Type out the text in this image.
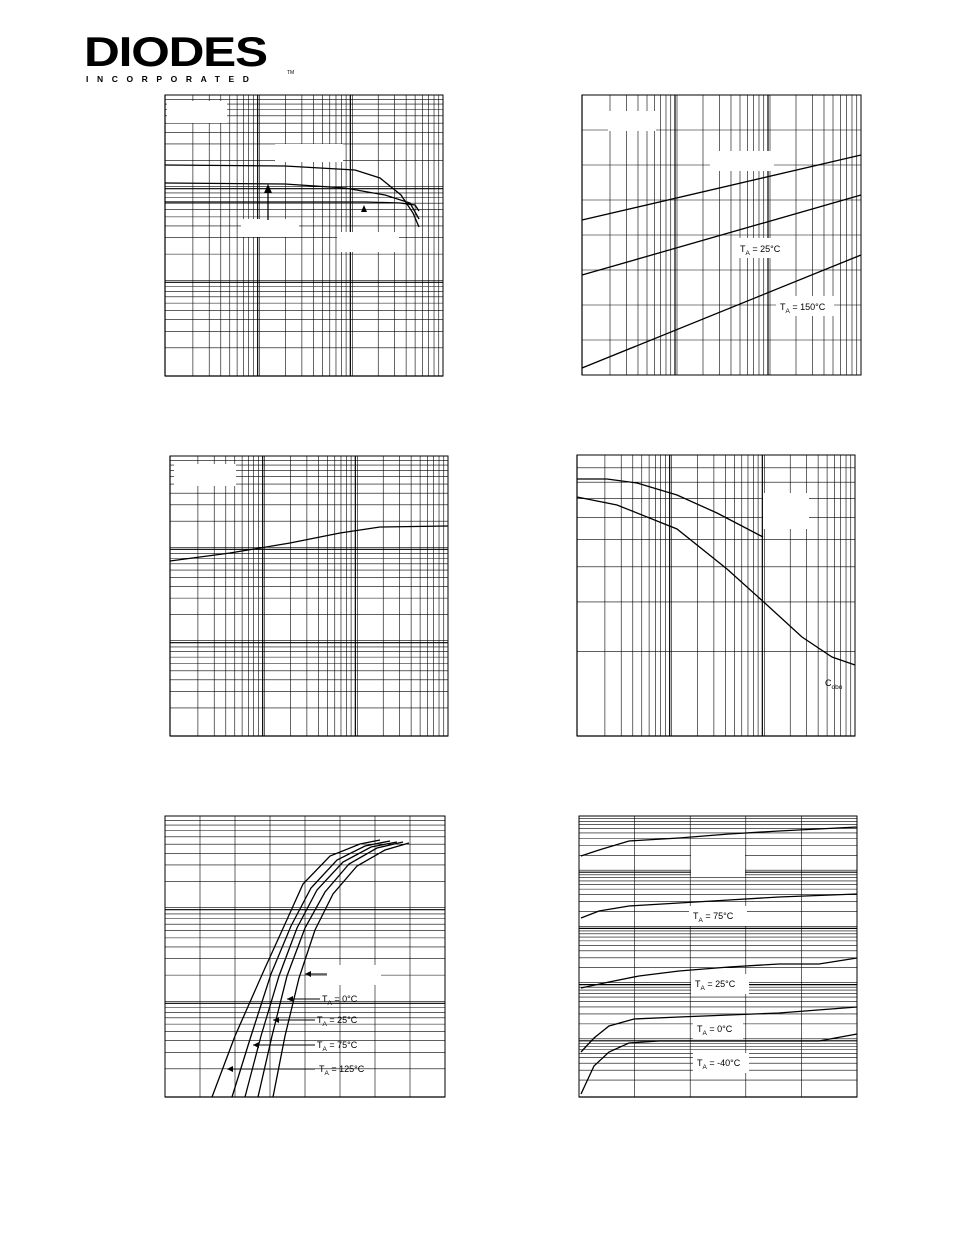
DIODES
INCORPORATED
TM
$T_A = 25^\circ C$
$T_A = 150^\circ C$
$C_{obo}$
$T_A = 0^\circ C$
$T_A = 25^\circ C$
$T_A = 75^\circ C$
$T_A = 125^\circ C$
$T_A = 75^\circ C$
$T_A = 25^\circ C$
$T_A = 0^\circ C$
$T_A = -40^\circ C$
